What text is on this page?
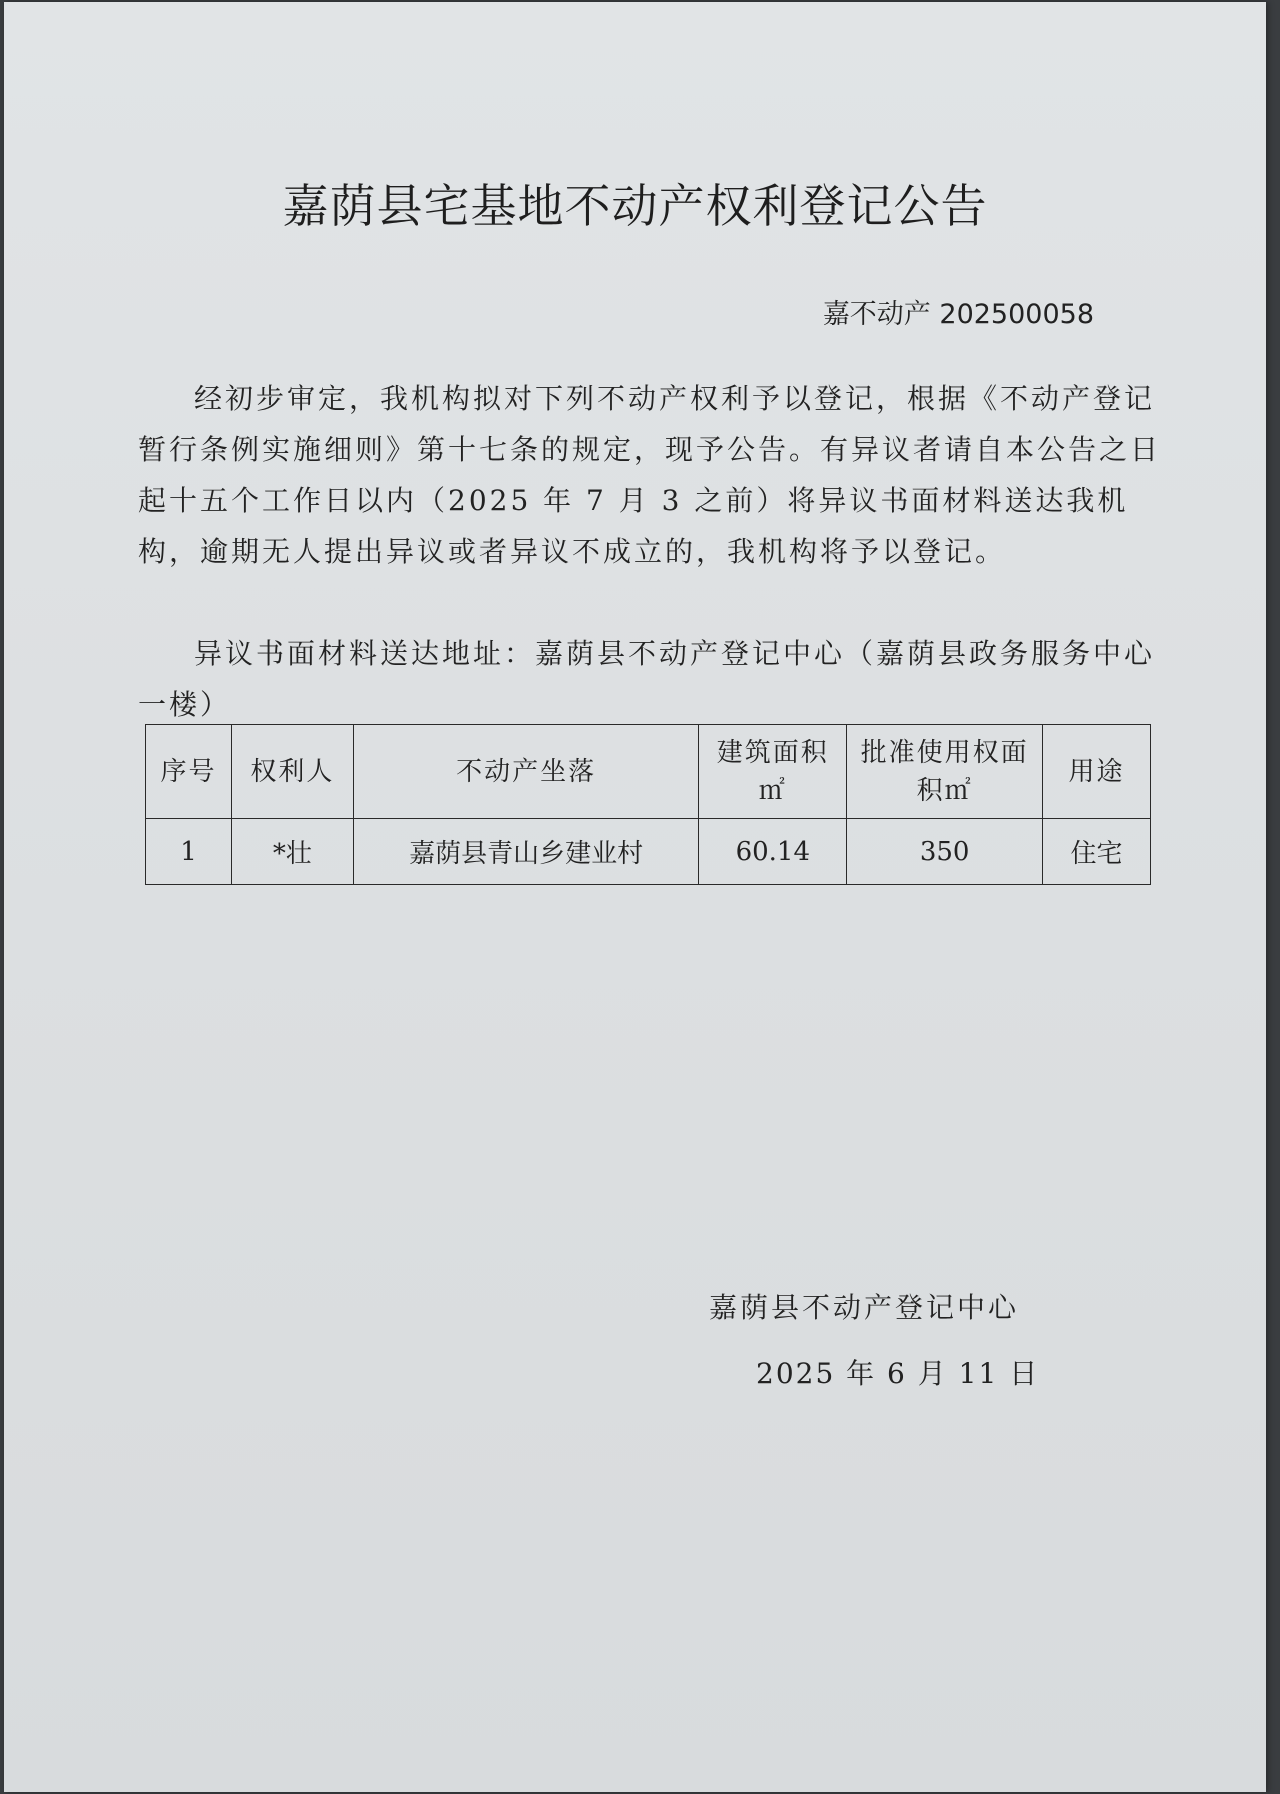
嘉荫县宅基地不动产权利登记公告
嘉不动产 202500058

经初步审定，我机构拟对下列不动产权利予以登记，根据《不动产登记暂行条例实施细则》第十七条的规定，现予公告。有异议者请自本公告之日起十五个工作日以内（2025 年 7 月 3 之前）将异议书面材料送达我机构，逾期无人提出异议或者异议不成立的，我机构将予以登记。

异议书面材料送达地址：嘉荫县不动产登记中心（嘉荫县政务服务中心一楼）

序号	权利人	不动产坐落	建筑面积㎡	批准使用权面积㎡	用途
1	*壮	嘉荫县青山乡建业村	60.14	350	住宅
嘉荫县不动产登记中心
2025 年 6 月 11 日
